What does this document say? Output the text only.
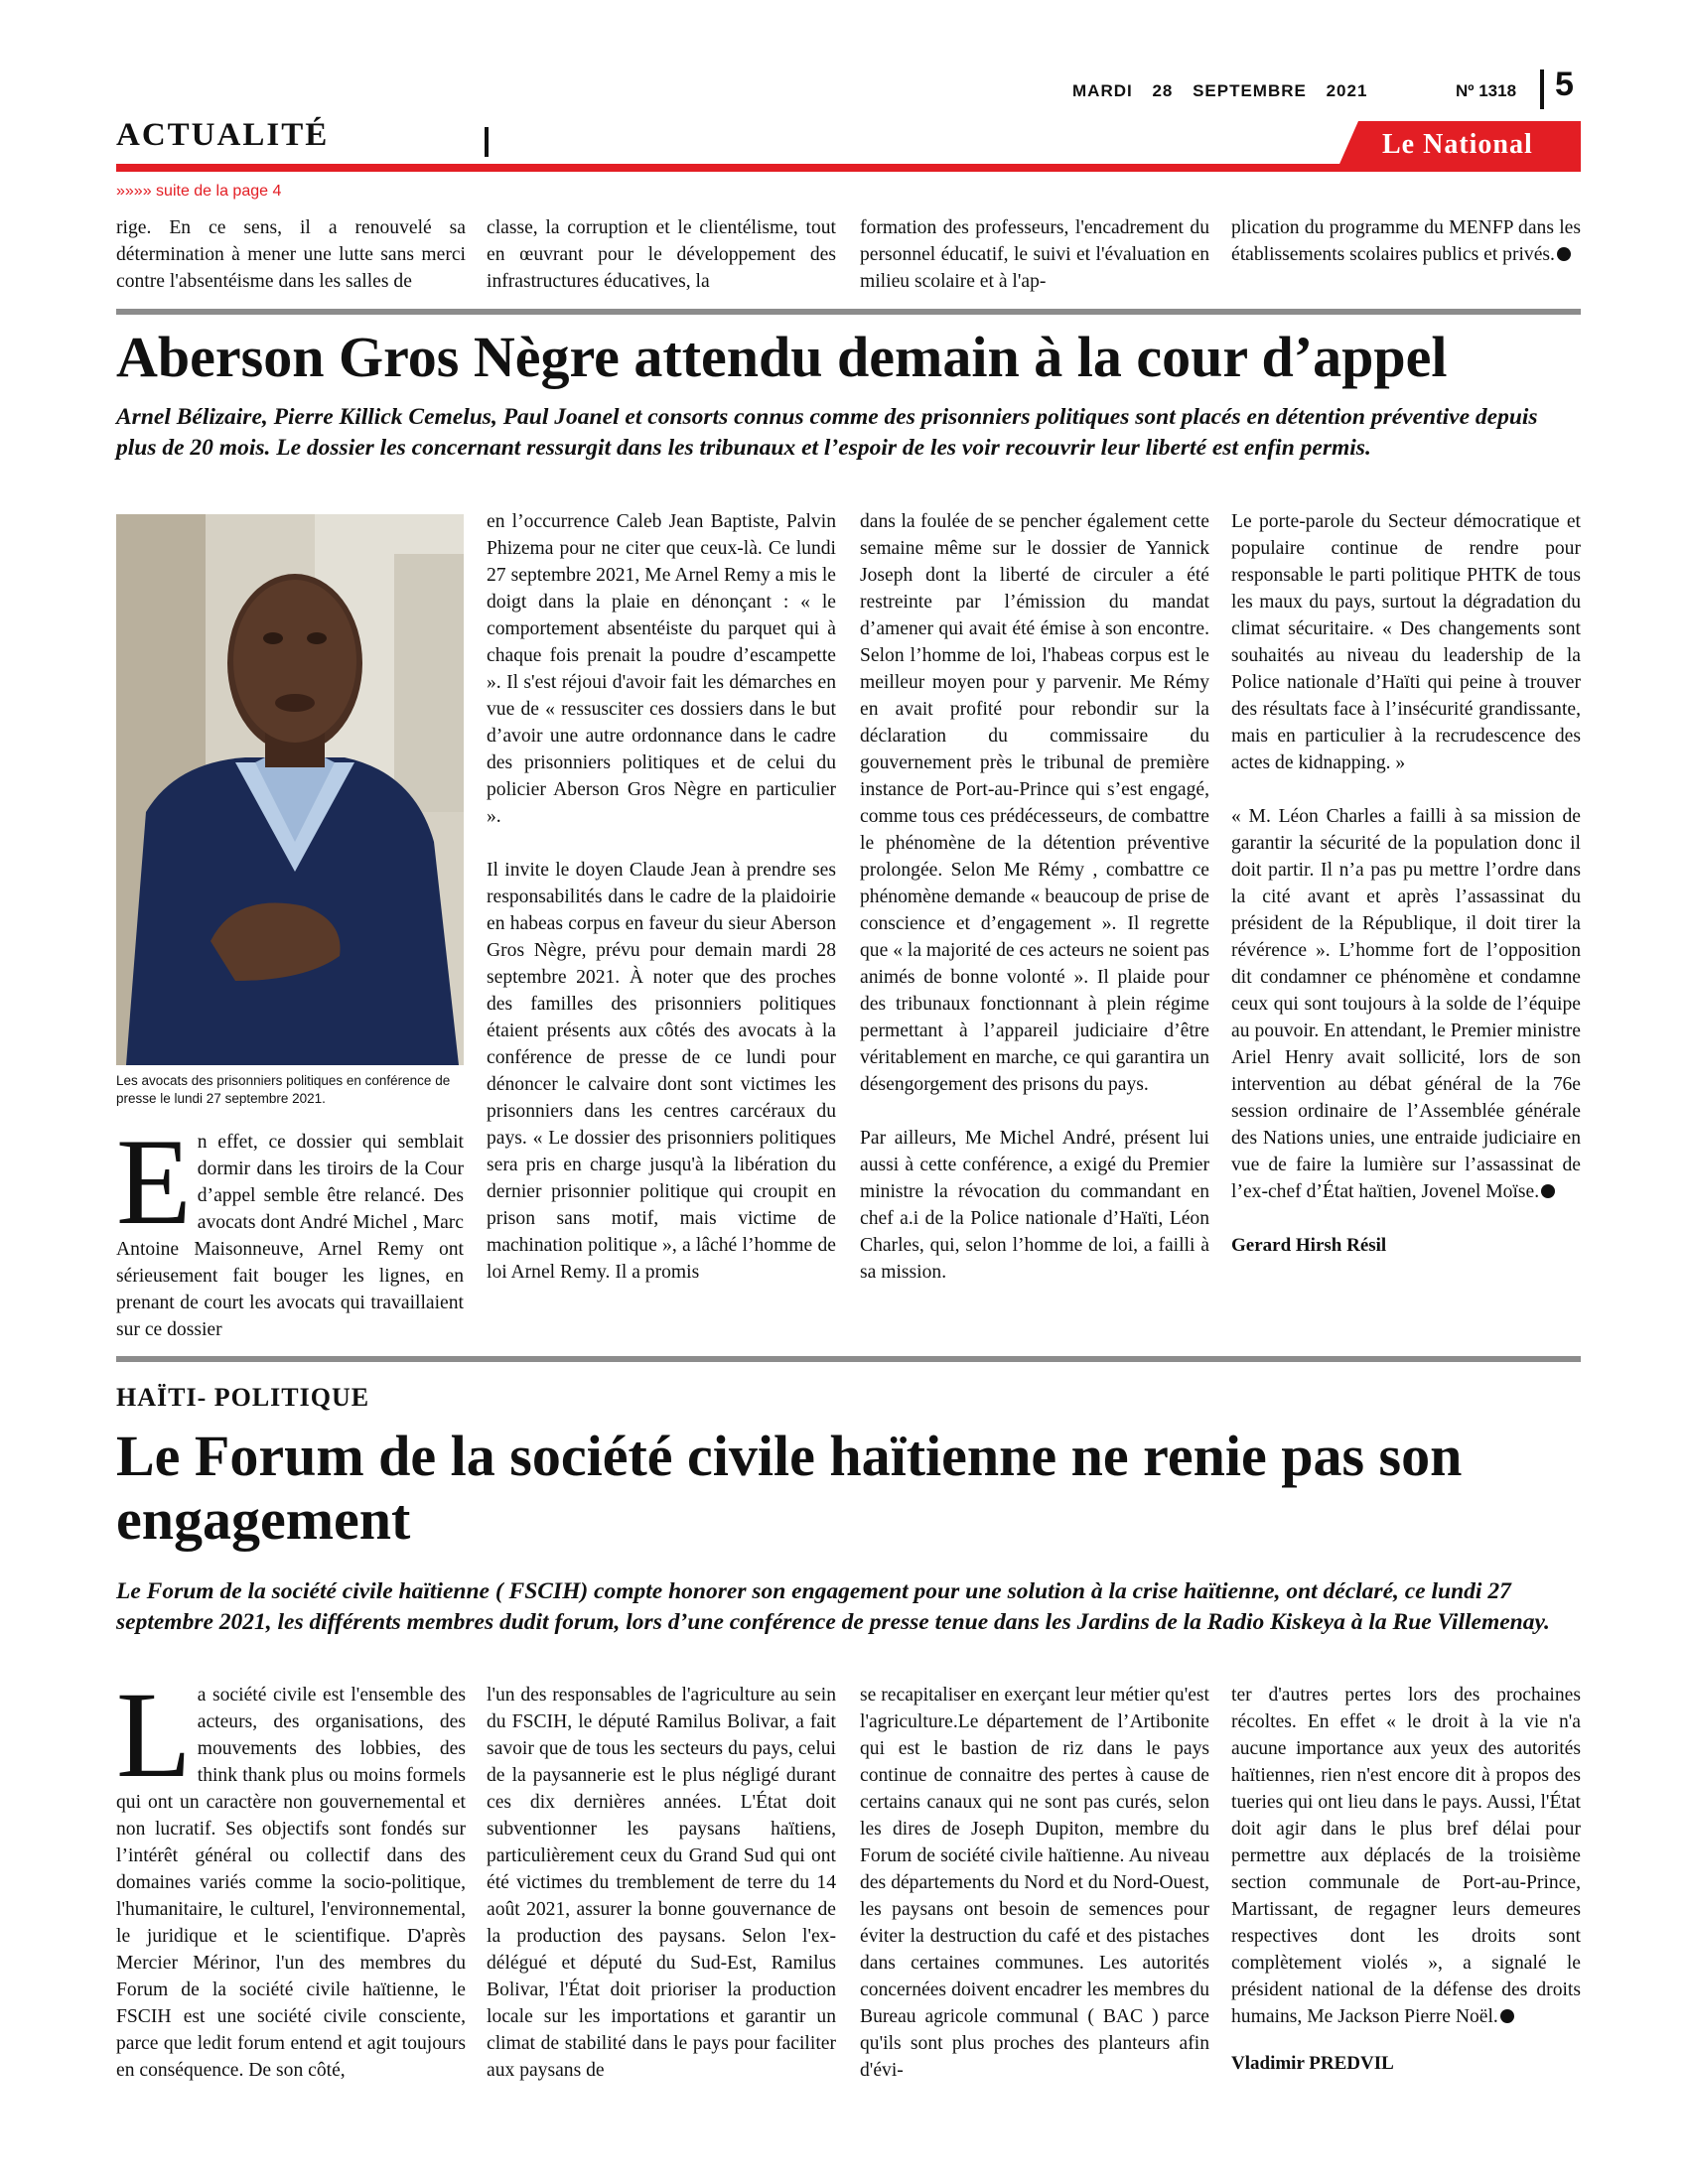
MARDI 28 SEPTEMBRE 2021	Nº 1318 5
ACTUALITÉ	Le National
»»»» suite de la page 4
rige. En ce sens, il a renouvelé sa détermination à mener une lutte sans merci contre l'absentéisme dans les salles de
classe, la corruption et le clientélisme, tout en œuvrant pour le développement des infrastructures éducatives, la
formation des professeurs, l'encadrement du personnel éducatif, le suivi et l'évaluation en milieu scolaire et à l'ap-
plication du programme du MENFP dans les établissements scolaires publics et privés.
Aberson Gros Nègre attendu demain à la cour d’appel
Arnel Bélizaire, Pierre Killick Cemelus, Paul Joanel et consorts connus comme des prisonniers politiques sont placés en détention préventive depuis plus de 20 mois. Le dossier les concernant ressurgit dans les tribunaux et l’espoir de les voir recouvrir leur liberté est enfin permis.
Les avocats des prisonniers politiques en conférence de presse le lundi 27 septembre 2021.
En effet, ce dossier qui semblait dormir dans les tiroirs de la Cour d’appel semble être relancé. Des avocats dont André Michel , Marc Antoine Maisonneuve, Arnel Remy ont sérieusement fait bouger les lignes, en prenant de court les avocats qui travaillaient sur ce dossier

en l’occurrence Caleb Jean Baptiste, Palvin Phizema pour ne citer que ceux-là. Ce lundi 27 septembre 2021, Me Arnel Remy a mis le doigt dans la plaie en dénonçant : « le comportement absentéiste du parquet qui à chaque fois prenait la poudre d’escampette ». Il s'est réjoui d'avoir fait les démarches en vue de « ressusciter ces dossiers dans le but d’avoir une autre ordonnance dans le cadre des prisonniers politiques et de celui du policier Aberson Gros Nègre en particulier ».

Il invite le doyen Claude Jean à prendre ses responsabilités dans le cadre de la plaidoirie en habeas corpus en faveur du sieur Aberson Gros Nègre, prévu pour demain mardi 28 septembre 2021. À noter que des proches des familles des prisonniers politiques étaient présents aux côtés des avocats à la conférence de presse de ce lundi pour dénoncer le calvaire dont sont victimes les prisonniers dans les centres carcéraux du pays. « Le dossier des prisonniers politiques sera pris en charge jusqu'à la libération du dernier prisonnier politique qui croupit en prison sans motif, mais victime de machination politique », a lâché l’homme de loi Arnel Remy. Il a promis

dans la foulée de se pencher également cette semaine même sur le dossier de Yannick Joseph dont la liberté de circuler a été restreinte par l’émission du mandat d’amener qui avait été émise à son encontre. Selon l’homme de loi, l'habeas corpus est le meilleur moyen pour y parvenir. Me Rémy en avait profité pour rebondir sur la déclaration du commissaire du gouvernement près le tribunal de première instance de Port-au-Prince qui s’est engagé, comme tous ces prédécesseurs, de combattre le phénomène de la détention préventive prolongée. Selon Me Rémy , combattre ce phénomène demande « beaucoup de prise de conscience et d’engagement ». Il regrette que « la majorité de ces acteurs ne soient pas animés de bonne volonté ». Il plaide pour des tribunaux fonctionnant à plein régime permettant à l’appareil judiciaire d’être véritablement en marche, ce qui garantira un désengorgement des prisons du pays.

Par ailleurs, Me Michel André, présent lui aussi à cette conférence, a exigé du Premier ministre la révocation du commandant en chef a.i de la Police nationale d’Haïti, Léon Charles, qui, selon l’homme de loi, a failli à sa mission.

Le porte-parole du Secteur démocratique et populaire continue de rendre pour responsable le parti politique PHTK de tous les maux du pays, surtout la dégradation du climat sécuritaire. « Des changements sont souhaités au niveau du leadership de la Police nationale d’Haïti qui peine à trouver des résultats face à l’insécurité grandissante, mais en particulier à la recrudescence des actes de kidnapping. »

« M. Léon Charles a failli à sa mission de garantir la sécurité de la population donc il doit partir. Il n’a pas pu mettre l’ordre dans la cité avant et après l’assassinat du président de la République, il doit tirer la révérence ». L’homme fort de l’opposition dit condamner ce phénomène et condamne ceux qui sont toujours à la solde de l’équipe au pouvoir. En attendant, le Premier ministre Ariel Henry avait sollicité, lors de son intervention au débat général de la 76e session ordinaire de l’Assemblée générale des Nations unies, une entraide judiciaire en vue de faire la lumière sur l’assassinat de l’ex-chef d’État haïtien, Jovenel Moïse.

Gerard Hirsh Résil

HAÏTI- POLITIQUE
Le Forum de la société civile haïtienne ne renie pas son
engagement
Le Forum de la société civile haïtienne ( FSCIH) compte honorer son engagement pour une solution à la crise haïtienne, ont déclaré, ce lundi 27 septembre 2021, les différents membres dudit forum, lors d’une conférence de presse tenue dans les Jardins de la Radio Kiskeya à la Rue Villemenay.
La société civile est l'ensemble des acteurs, des organisations, des mouvements des lobbies, des think thank plus ou moins formels qui ont un caractère non gouvernemental et non lucratif. Ses objectifs sont fondés sur l’intérêt général ou collectif dans des domaines variés comme la socio-politique, l'humanitaire, le culturel, l'environnemental, le juridique et le scientifique. D'après Mercier Mérinor, l'un des membres du Forum de la société civile haïtienne, le FSCIH est une société civile consciente, parce que ledit forum entend et agit toujours en conséquence. De son côté,
l'un des responsables de l'agriculture au sein du FSCIH, le député Ramilus Bolivar, a fait savoir que de tous les secteurs du pays, celui de la paysannerie est le plus négligé durant ces dix dernières années. L'État doit subventionner les paysans haïtiens, particulièrement ceux du Grand Sud qui ont été victimes du tremblement de terre du 14 août 2021, assurer la bonne gouvernance de la production des paysans. Selon l'ex-délégué et député du Sud-Est, Ramilus Bolivar, l'État doit prioriser la production locale sur les importations et garantir un climat de stabilité dans le pays pour faciliter aux paysans de
se recapitaliser en exerçant leur métier qu'est l'agriculture.Le département de l’Artibonite qui est le bastion de riz dans le pays continue de connaitre des pertes à cause de certains canaux qui ne sont pas curés, selon les dires de Joseph Dupiton, membre du Forum de société civile haïtienne. Au niveau des départements du Nord et du Nord-Ouest, les paysans ont besoin de semences pour éviter la destruction du café et des pistaches dans certaines communes. Les autorités concernées doivent encadrer les membres du Bureau agricole communal ( BAC ) parce qu'ils sont plus proches des planteurs afin d'évi-

ter d'autres pertes lors des prochaines récoltes. En effet « le droit à la vie n'a aucune importance aux yeux des autorités haïtiennes, rien n'est encore dit à propos des tueries qui ont lieu dans le pays. Aussi, l'État doit agir dans le plus bref délai pour permettre aux déplacés de la troisième section communale de Port-au-Prince, Martissant, de regagner leurs demeures respectives dont les droits sont complètement violés », a signalé le président national de la défense des droits humains, Me Jackson Pierre Noël.

Vladimir PREDVIL
